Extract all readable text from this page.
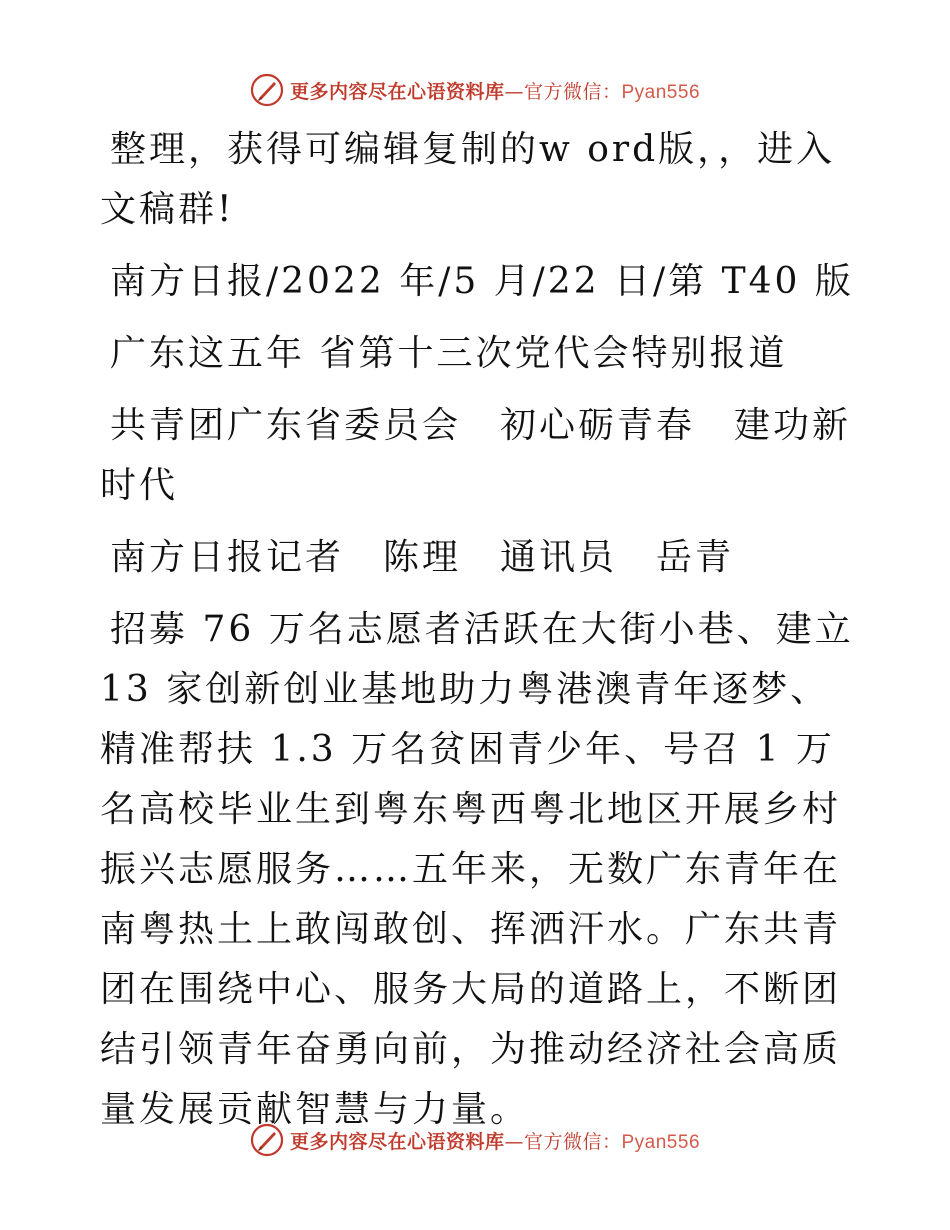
更多内容尽在心语资料库—官方微信：Pyan556

整理，获得可编辑复制的w ord版，，进入文稿群!

南方日报/2022 年/5 月/22 日/第 T40 版

广东这五年 省第十三次党代会特别报道

共青团广东省委员会　初心砺青春　建功新时代

南方日报记者　陈理　通讯员　岳青

招募 76 万名志愿者活跃在大街小巷、建立 13 家创新创业基地助力粤港澳青年逐梦、精准帮扶 1.3 万名贫困青少年、号召 1 万名高校毕业生到粤东粤西粤北地区开展乡村振兴志愿服务……五年来，无数广东青年在南粤热土上敢闯敢创、挥洒汗水。广东共青团在围绕中心、服务大局的道路上，不断团结引领青年奋勇向前，为推动经济社会高质量发展贡献智慧与力量。

更多内容尽在心语资料库—官方微信：Pyan556
